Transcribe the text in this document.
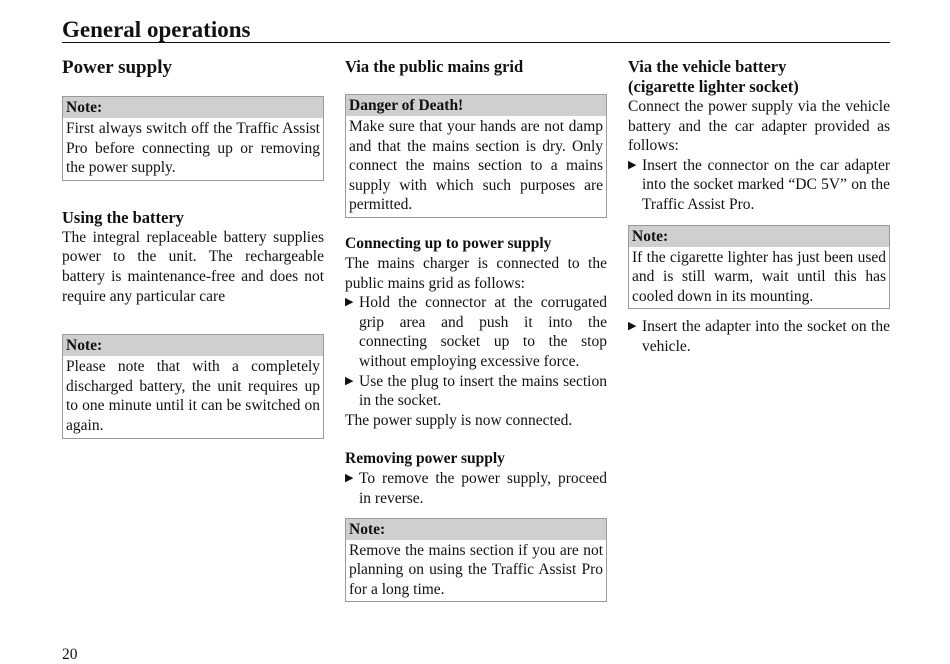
General operations
Power supply
Note:
First always switch off the Traffic Assist Pro before connecting up or removing the power supply.
Using the battery

The integral replaceable battery supplies power to the unit. The rechargeable battery is maintenance-free and does not require any particular care

Note:
Please note that with a completely discharged battery, the unit requires up to one minute until it can be switched on again.
Via the public mains grid
Danger of Death!
Make sure that your hands are not damp and that the mains section is dry. Only connect the mains section to a mains supply with which such purposes are permitted.
Connecting up to power supply

The mains charger is connected to the public mains grid as follows:

▶ Hold the connector at the corrugated grip area and push it into the connecting socket up to the stop without employing excessive force.
▶ Use the plug to insert the mains section in the socket.

The power supply is now connected.

Removing power supply
▶ To remove the power supply, proceed in reverse.
Note:
Remove the mains section if you are not planning on using the Traffic Assist Pro for a long time.
Via the vehicle battery
(cigarette lighter socket)

Connect the power supply via the vehicle battery and the car adapter provided as follows:

▶ Insert the connector on the car adapter into the socket marked “DC 5V” on the Traffic Assist Pro.
Note:
If the cigarette lighter has just been used and is still warm, wait until this has cooled down in its mounting.
▶ Insert the adapter into the socket on the vehicle.
20
